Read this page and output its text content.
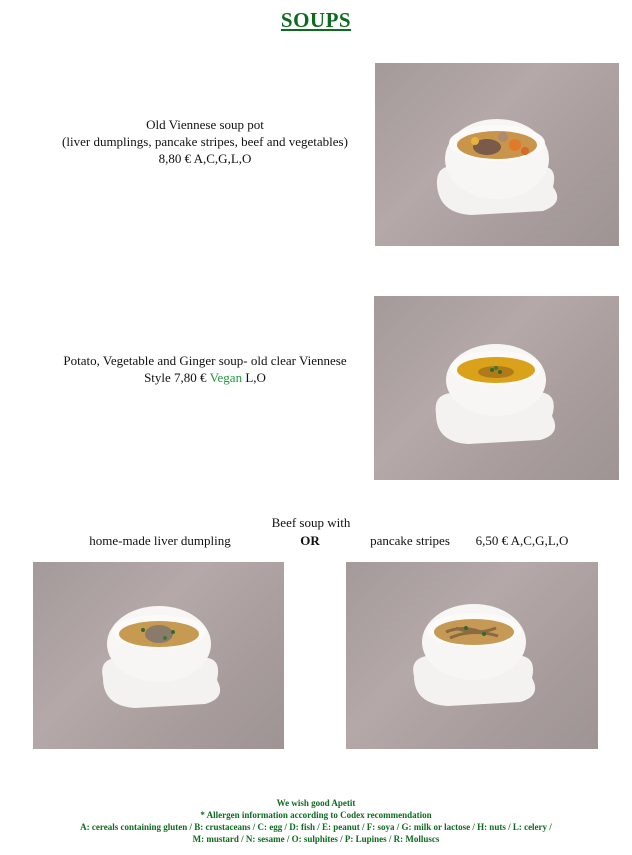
SOUPS
Old Viennese soup pot
(liver dumplings, pancake stripes, beef and vegetables)
8,80 € A,C,G,L,O
Potato, Vegetable and Ginger soup- old clear Viennese
Style 7,80 € Vegan L,O
Beef soup with
home-made liver dumpling	OR	pancake stripes	6,50 € A,C,G,L,O
We wish good Apetit
* Allergen information according to Codex recommendation
A: cereals containing gluten / B: crustaceans / C: egg / D: fish / E: peanut / F: soya / G: milk or lactose / H: nuts / L: celery /
M: mustard / N: sesame / O: sulphites / P: Lupines / R: Molluscs
